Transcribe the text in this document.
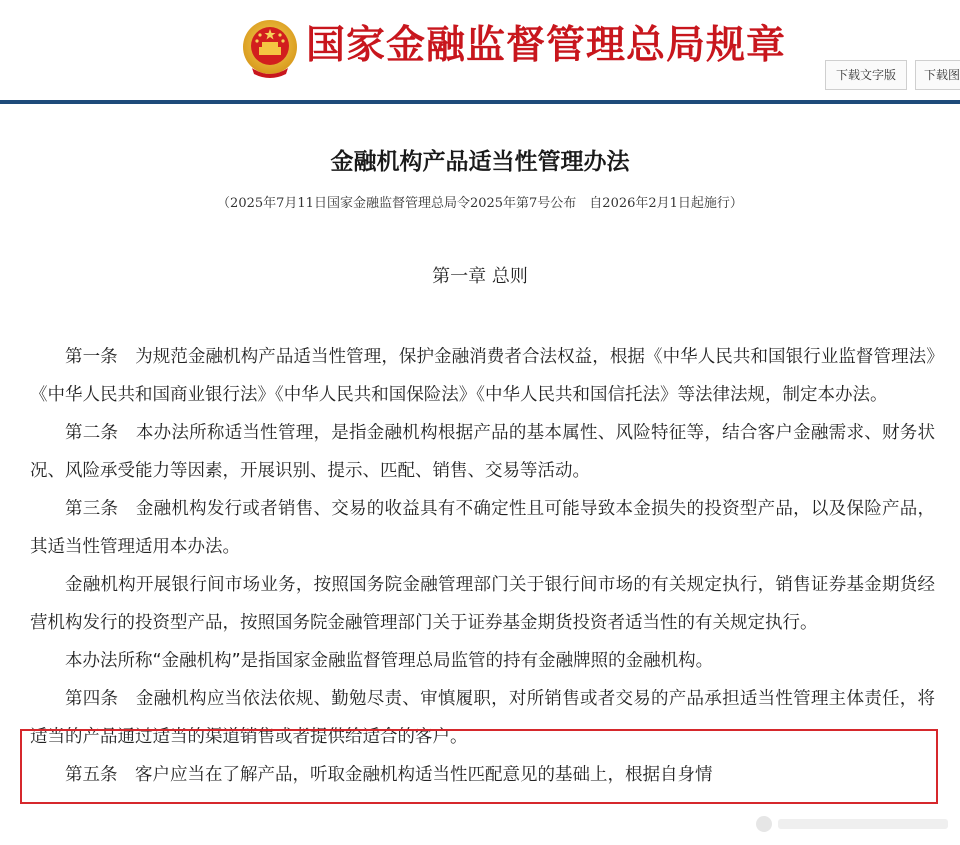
国家金融监督管理总局规章
下载文字版	下载图
金融机构产品适当性管理办法
（2025年7月11日国家金融监督管理总局令2025年第7号公布　自2026年2月1日起施行）
第一章 总则

第一条 为规范金融机构产品适当性管理，保护金融消费者合法权益，根据《中华人民共和国银行业监督管理法》《中华人民共和国商业银行法》《中华人民共和国保险法》《中华人民共和国信托法》等法律法规，制定本办法。

第二条 本办法所称适当性管理，是指金融机构根据产品的基本属性、风险特征等，结合客户金融需求、财务状况、风险承受能力等因素，开展识别、提示、匹配、销售、交易等活动。

第三条 金融机构发行或者销售、交易的收益具有不确定性且可能导致本金损失的投资型产品，以及保险产品，其适当性管理适用本办法。

金融机构开展银行间市场业务，按照国务院金融管理部门关于银行间市场的有关规定执行，销售证券基金期货经营机构发行的投资型产品，按照国务院金融管理部门关于证券基金期货投资者适当性的有关规定执行。

本办法所称“金融机构”是指国家金融监督管理总局监管的持有金融牌照的金融机构。

第四条 金融机构应当依法依规、勤勉尽责、审慎履职，对所销售或者交易的产品承担适当性管理主体责任，将适当的产品通过适当的渠道销售或者提供给适合的客户。

第五条 客户应当在了解产品，听取金融机构适当性匹配意见的基础上，根据自身情
